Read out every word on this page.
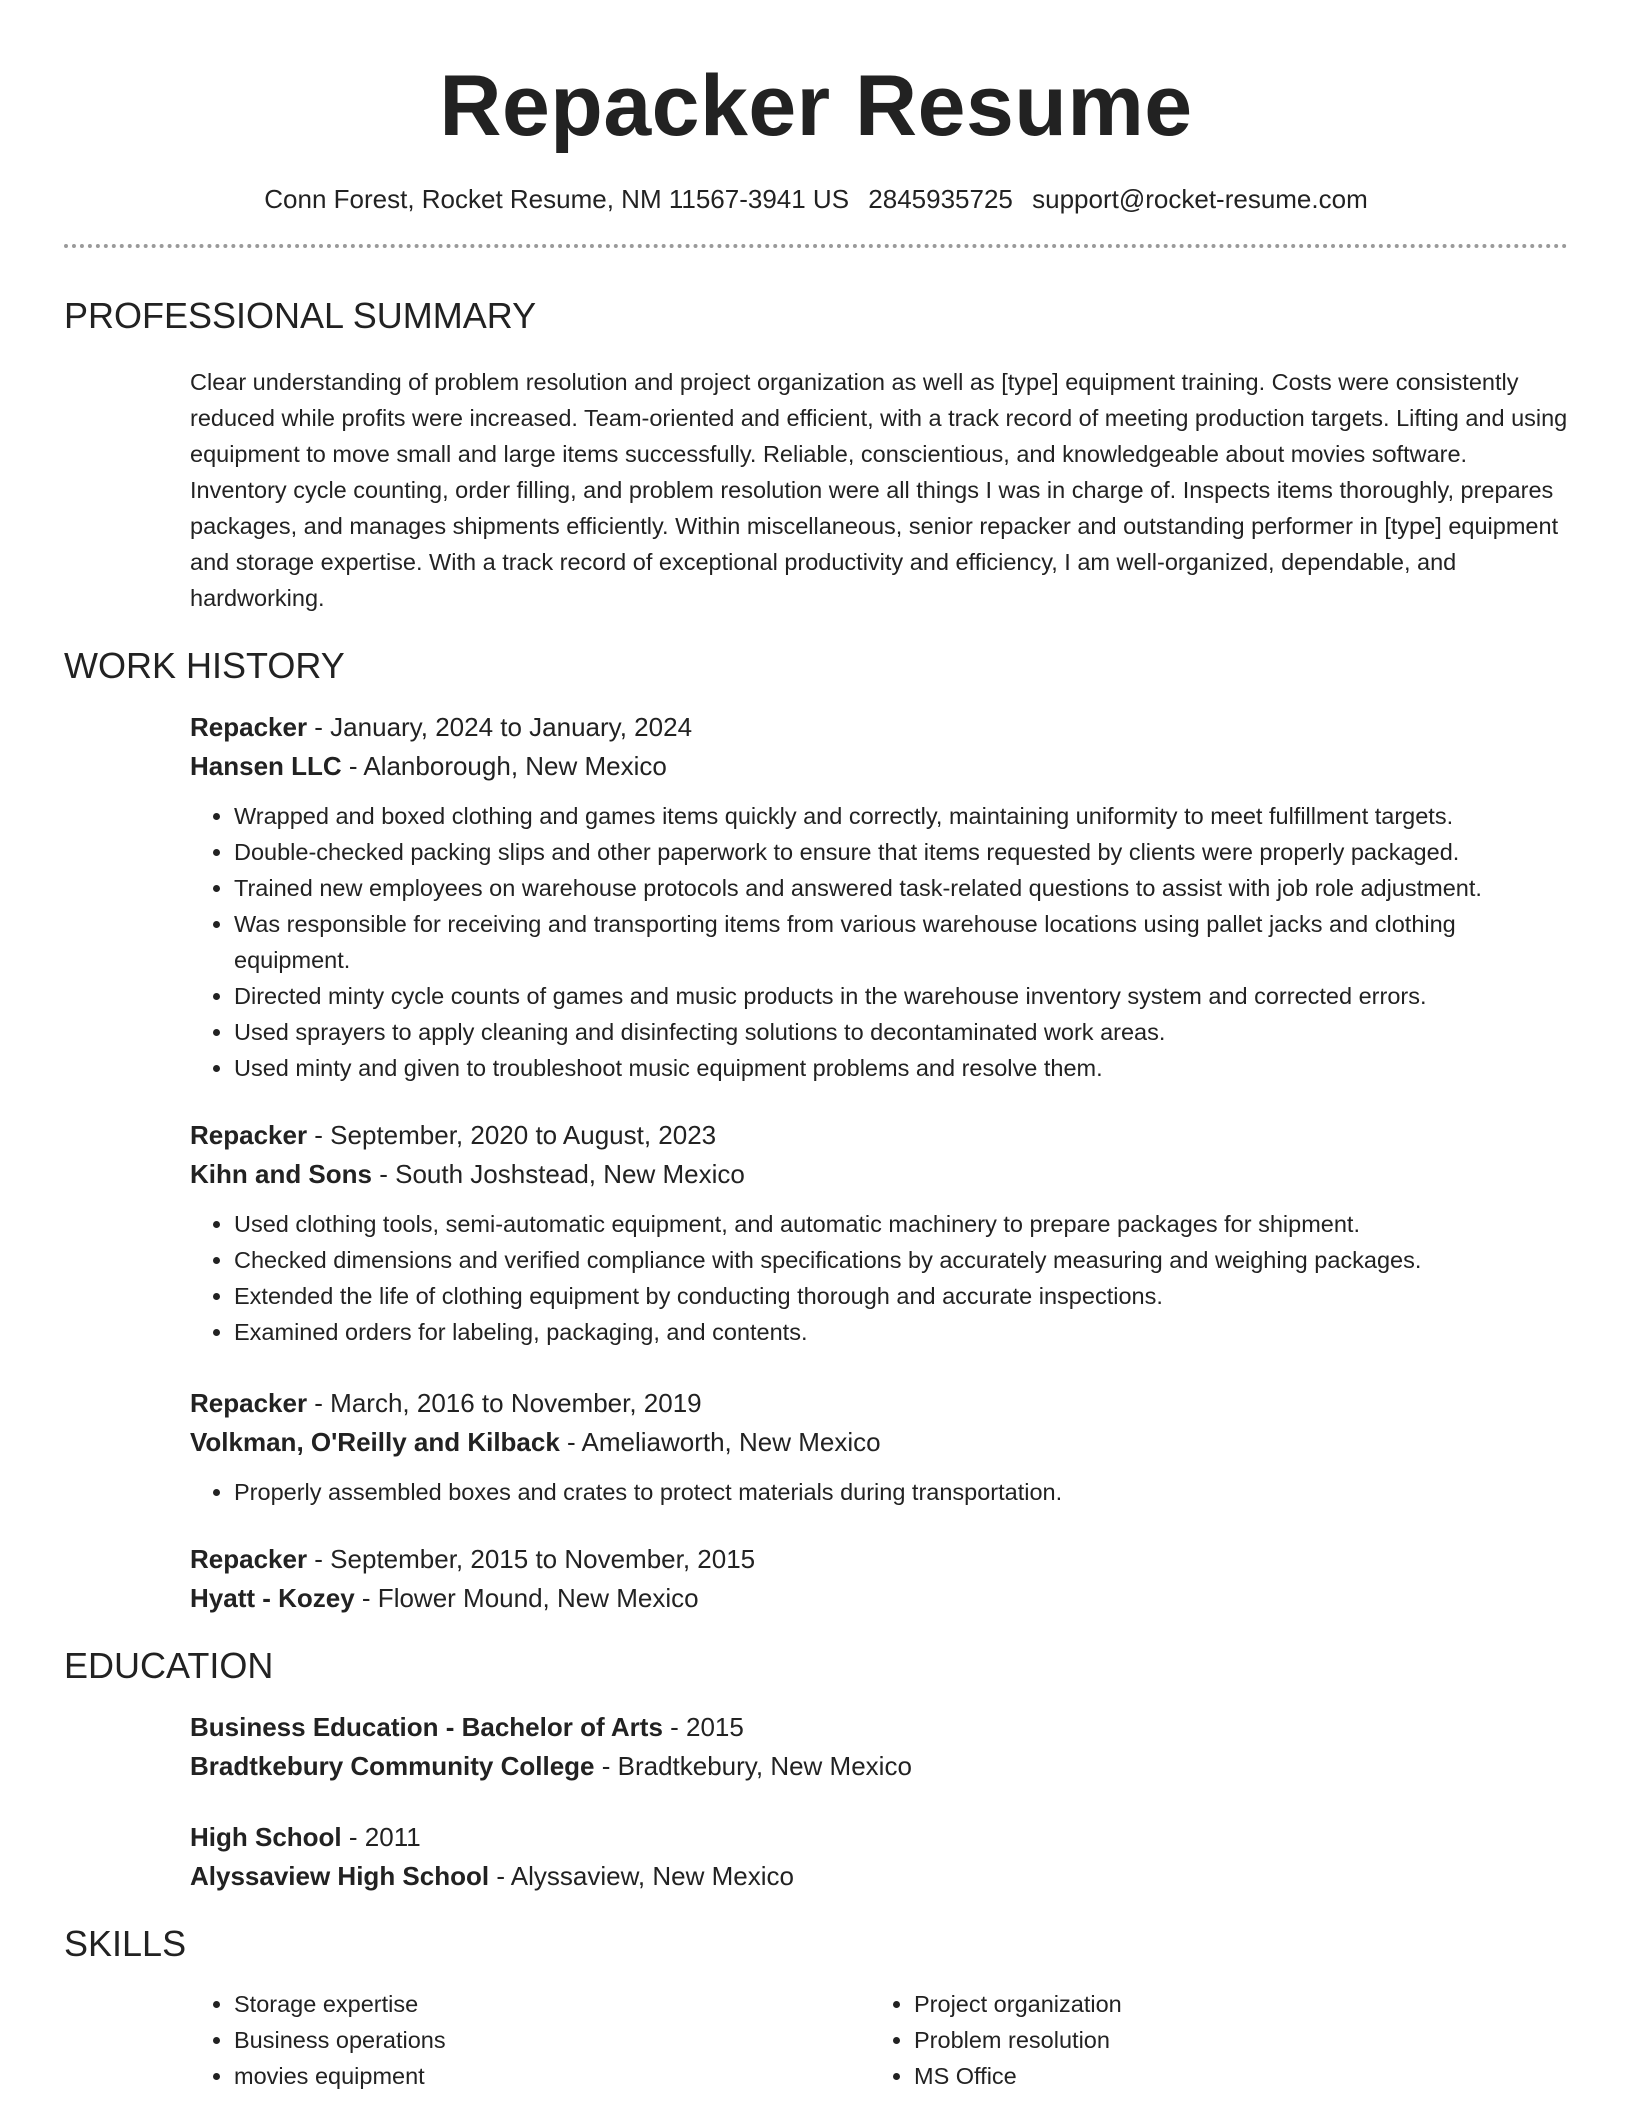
Repacker Resume
Conn Forest, Rocket Resume, NM 11567-3941 US 2845935725 support@rocket-resume.com
PROFESSIONAL SUMMARY

Clear understanding of problem resolution and project organization as well as [type] equipment training. Costs were consistently reduced while profits were increased. Team-oriented and efficient, with a track record of meeting production targets. Lifting and using equipment to move small and large items successfully. Reliable, conscientious, and knowledgeable about movies software. Inventory cycle counting, order filling, and problem resolution were all things I was in charge of. Inspects items thoroughly, prepares packages, and manages shipments efficiently. Within miscellaneous, senior repacker and outstanding performer in [type] equipment and storage expertise. With a track record of exceptional productivity and efficiency, I am well-organized, dependable, and hardworking.

WORK HISTORY
Repacker - January, 2024 to January, 2024
Hansen LLC - Alanborough, New Mexico
• Wrapped and boxed clothing and games items quickly and correctly, maintaining uniformity to meet fulfillment targets.
• Double-checked packing slips and other paperwork to ensure that items requested by clients were properly packaged.
• Trained new employees on warehouse protocols and answered task-related questions to assist with job role adjustment.
• Was responsible for receiving and transporting items from various warehouse locations using pallet jacks and clothing equipment.
• Directed minty cycle counts of games and music products in the warehouse inventory system and corrected errors.
• Used sprayers to apply cleaning and disinfecting solutions to decontaminated work areas.
• Used minty and given to troubleshoot music equipment problems and resolve them.
Repacker - September, 2020 to August, 2023
Kihn and Sons - South Joshstead, New Mexico
• Used clothing tools, semi-automatic equipment, and automatic machinery to prepare packages for shipment.
• Checked dimensions and verified compliance with specifications by accurately measuring and weighing packages.
• Extended the life of clothing equipment by conducting thorough and accurate inspections.
• Examined orders for labeling, packaging, and contents.
Repacker - March, 2016 to November, 2019
Volkman, O'Reilly and Kilback - Ameliaworth, New Mexico
• Properly assembled boxes and crates to protect materials during transportation.
Repacker - September, 2015 to November, 2015
Hyatt - Kozey - Flower Mound, New Mexico
EDUCATION
Business Education - Bachelor of Arts - 2015
Bradtkebury Community College - Bradtkebury, New Mexico
High School - 2011
Alyssaview High School - Alyssaview, New Mexico
SKILLS
• Storage expertise
• Business operations
• movies equipment
• Project organization
• Problem resolution
• MS Office
